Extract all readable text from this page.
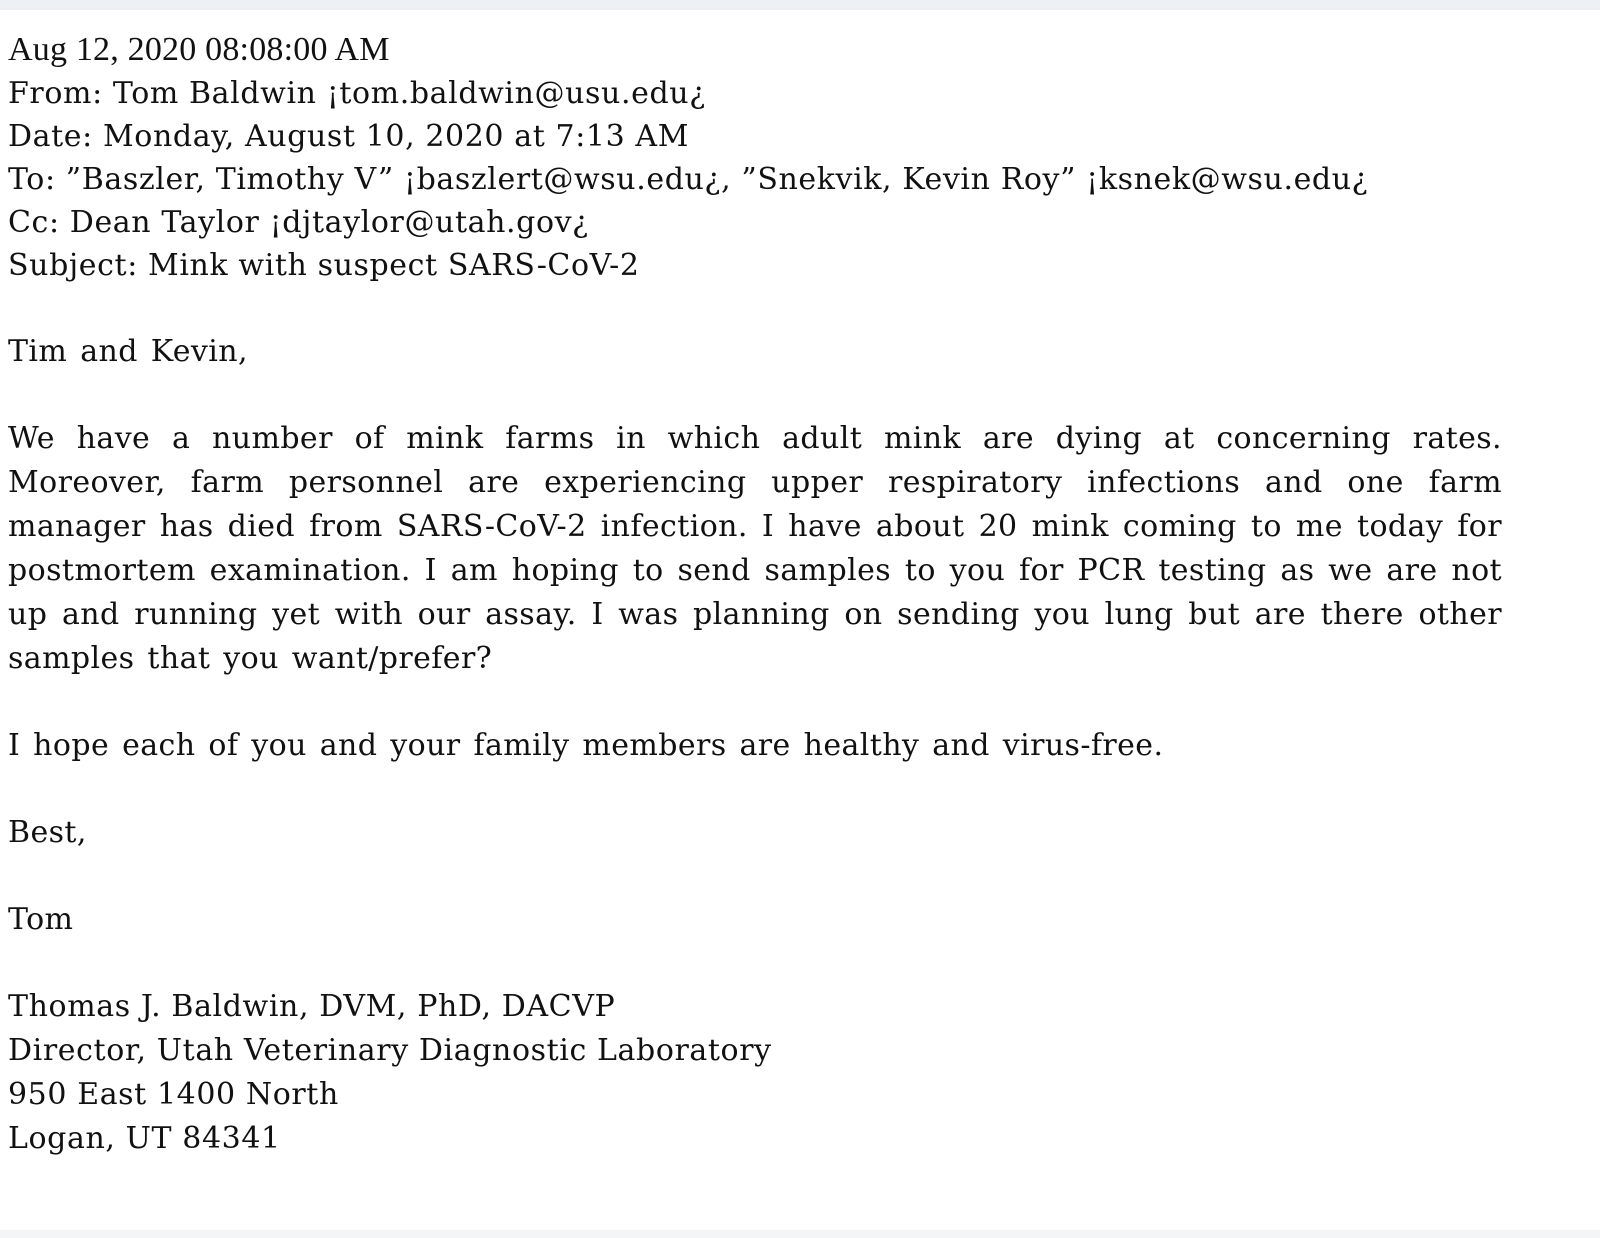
Aug 12, 2020 08:08:00 AM
From: Tom Baldwin ¡tom.baldwin@usu.edu¿
Date: Monday, August 10, 2020 at 7:13 AM
To: ”Baszler, Timothy V” ¡baszlert@wsu.edu¿, ”Snekvik, Kevin Roy” ¡ksnek@wsu.edu¿
Cc: Dean Taylor ¡djtaylor@utah.gov¿
Subject: Mink with suspect SARS-CoV-2
Tim and Kevin,
We have a number of mink farms in which adult mink are dying at concerning rates. Moreover, farm personnel are experiencing upper respiratory infections and one farm manager has died from SARS-CoV-2 infection. I have about 20 mink coming to me today for postmortem examination. I am hoping to send samples to you for PCR testing as we are not up and running yet with our assay. I was planning on sending you lung but are there other samples that you want/prefer?
I hope each of you and your family members are healthy and virus-free.
Best,
Tom
Thomas J. Baldwin, DVM, PhD, DACVP
Director, Utah Veterinary Diagnostic Laboratory
950 East 1400 North
Logan, UT 84341
